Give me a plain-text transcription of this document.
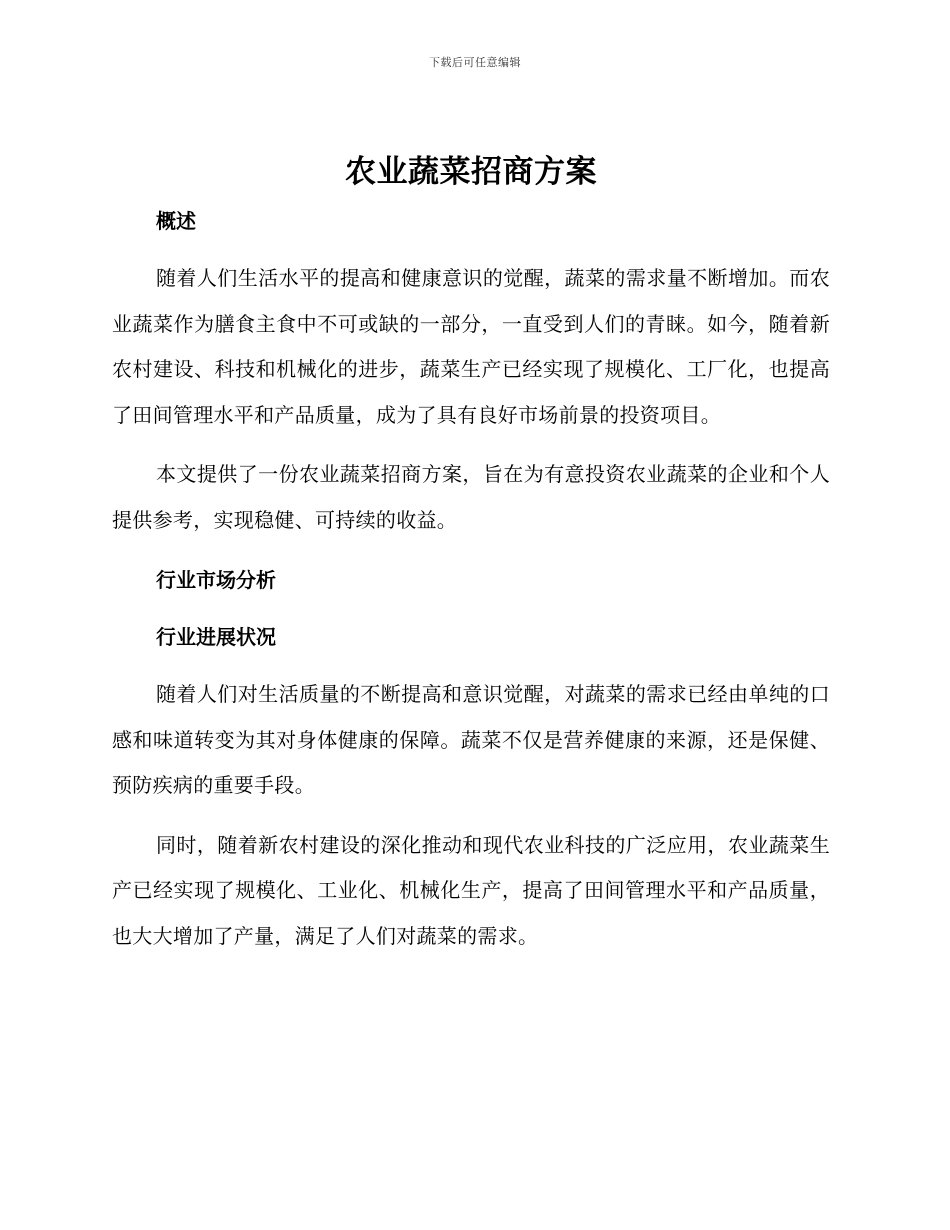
下载后可任意编辑
农业蔬菜招商方案
概述

随着人们生活水平的提高和健康意识的觉醒，蔬菜的需求量不断增加。而农业蔬菜作为膳食主食中不可或缺的一部分，一直受到人们的青睐。如今，随着新农村建设、科技和机械化的进步，蔬菜生产已经实现了规模化、工厂化，也提高了田间管理水平和产品质量，成为了具有良好市场前景的投资项目。

本文提供了一份农业蔬菜招商方案，旨在为有意投资农业蔬菜的企业和个人提供参考，实现稳健、可持续的收益。

行业市场分析
行业进展状况

随着人们对生活质量的不断提高和意识觉醒，对蔬菜的需求已经由单纯的口感和味道转变为其对身体健康的保障。蔬菜不仅是营养健康的来源，还是保健、预防疾病的重要手段。

同时，随着新农村建设的深化推动和现代农业科技的广泛应用，农业蔬菜生产已经实现了规模化、工业化、机械化生产，提高了田间管理水平和产品质量，也大大增加了产量，满足了人们对蔬菜的需求。
